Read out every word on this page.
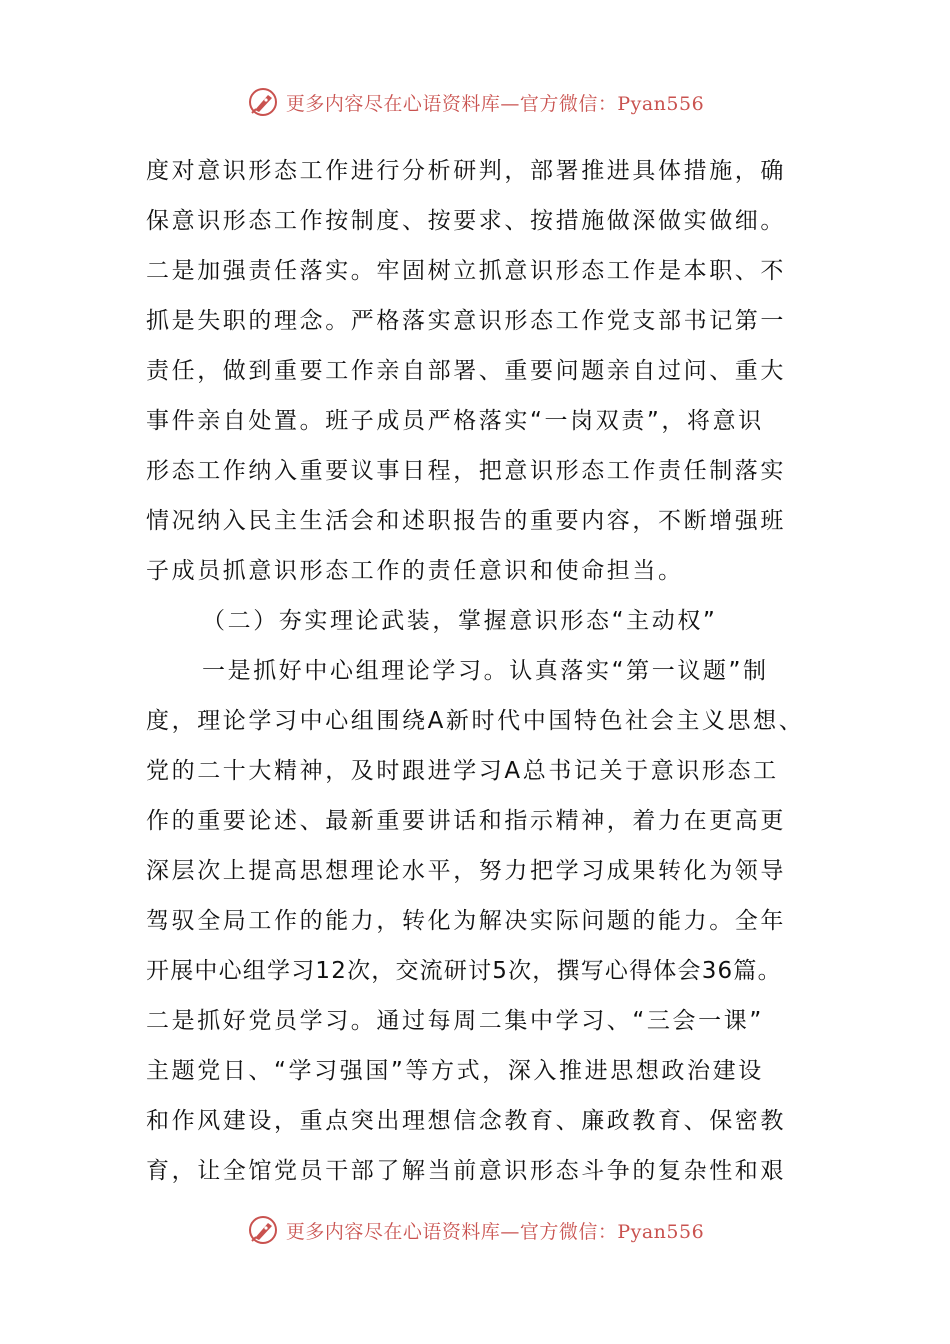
更多内容尽在心语资料库—官方微信：Pyan556
度对意识形态工作进行分析研判，部署推进具体措施，确
保意识形态工作按制度、按要求、按措施做深做实做细。
二是加强责任落实。牢固树立抓意识形态工作是本职、不
抓是失职的理念。严格落实意识形态工作党支部书记第一
责任，做到重要工作亲自部署、重要问题亲自过问、重大
事件亲自处置。班子成员严格落实“一岗双责”，将意识
形态工作纳入重要议事日程，把意识形态工作责任制落实
情况纳入民主生活会和述职报告的重要内容，不断增强班
子成员抓意识形态工作的责任意识和使命担当。
（二）夯实理论武装，掌握意识形态“主动权”
一是抓好中心组理论学习。认真落实“第一议题”制
度，理论学习中心组围绕A新时代中国特色社会主义思想、
党的二十大精神，及时跟进学习A总书记关于意识形态工
作的重要论述、最新重要讲话和指示精神，着力在更高更
深层次上提高思想理论水平，努力把学习成果转化为领导
驾驭全局工作的能力，转化为解决实际问题的能力。全年
开展中心组学习12次，交流研讨5次，撰写心得体会36篇。
二是抓好党员学习。通过每周二集中学习、“三会一课”
主题党日、“学习强国”等方式，深入推进思想政治建设
和作风建设，重点突出理想信念教育、廉政教育、保密教
育，让全馆党员干部了解当前意识形态斗争的复杂性和艰
更多内容尽在心语资料库—官方微信：Pyan556
